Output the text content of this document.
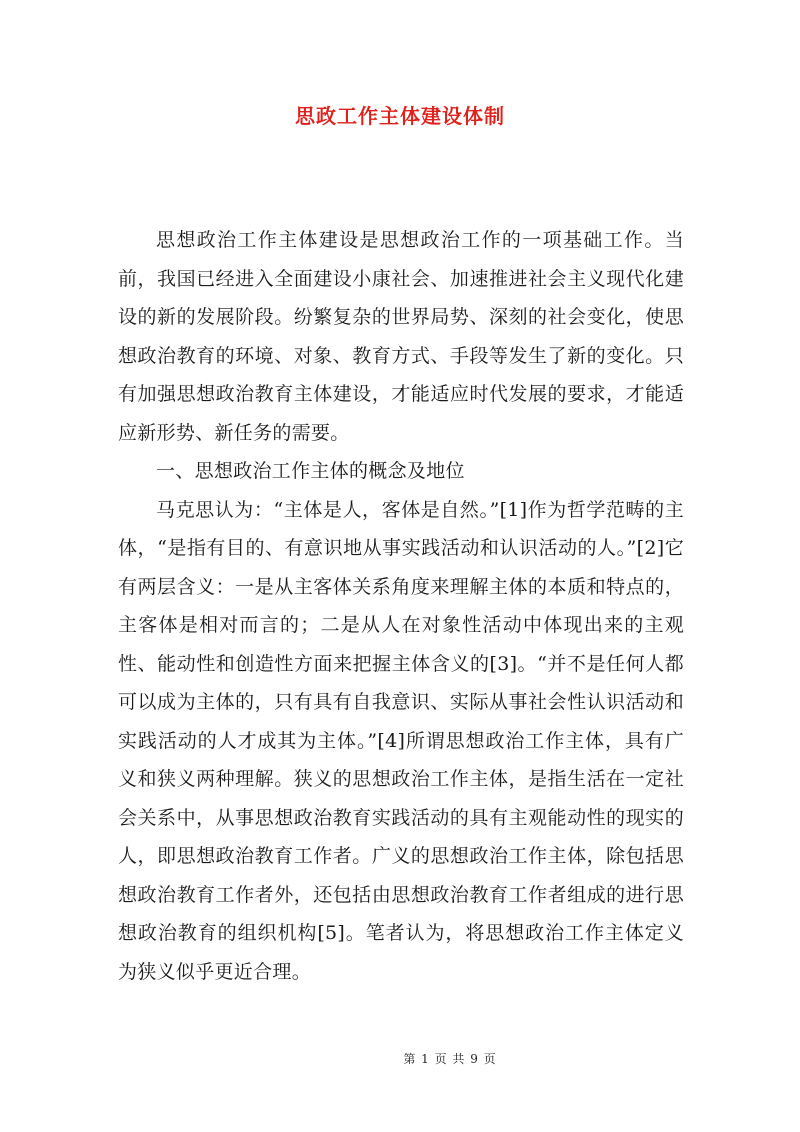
思政工作主体建设体制

思想政治工作主体建设是思想政治工作的一项基础工作。当前，我国已经进入全面建设小康社会、加速推进社会主义现代化建设的新的发展阶段。纷繁复杂的世界局势、深刻的社会变化，使思想政治教育的环境、对象、教育方式、手段等发生了新的变化。只有加强思想政治教育主体建设，才能适应时代发展的要求，才能适应新形势、新任务的需要。

一、思想政治工作主体的概念及地位

马克思认为：“主体是人，客体是自然。”[1]作为哲学范畴的主体，“是指有目的、有意识地从事实践活动和认识活动的人。”[2]它有两层含义：一是从主客体关系角度来理解主体的本质和特点的，主客体是相对而言的；二是从人在对象性活动中体现出来的主观性、能动性和创造性方面来把握主体含义的[3]。“并不是任何人都可以成为主体的，只有具有自我意识、实际从事社会性认识活动和实践活动的人才成其为主体。”[4]所谓思想政治工作主体，具有广义和狭义两种理解。狭义的思想政治工作主体，是指生活在一定社会关系中，从事思想政治教育实践活动的具有主观能动性的现实的人，即思想政治教育工作者。广义的思想政治工作主体，除包括思想政治教育工作者外，还包括由思想政治教育工作者组成的进行思想政治教育的组织机构[5]。笔者认为，将思想政治工作主体定义为狭义似乎更近合理。

第 1 页 共 9 页
